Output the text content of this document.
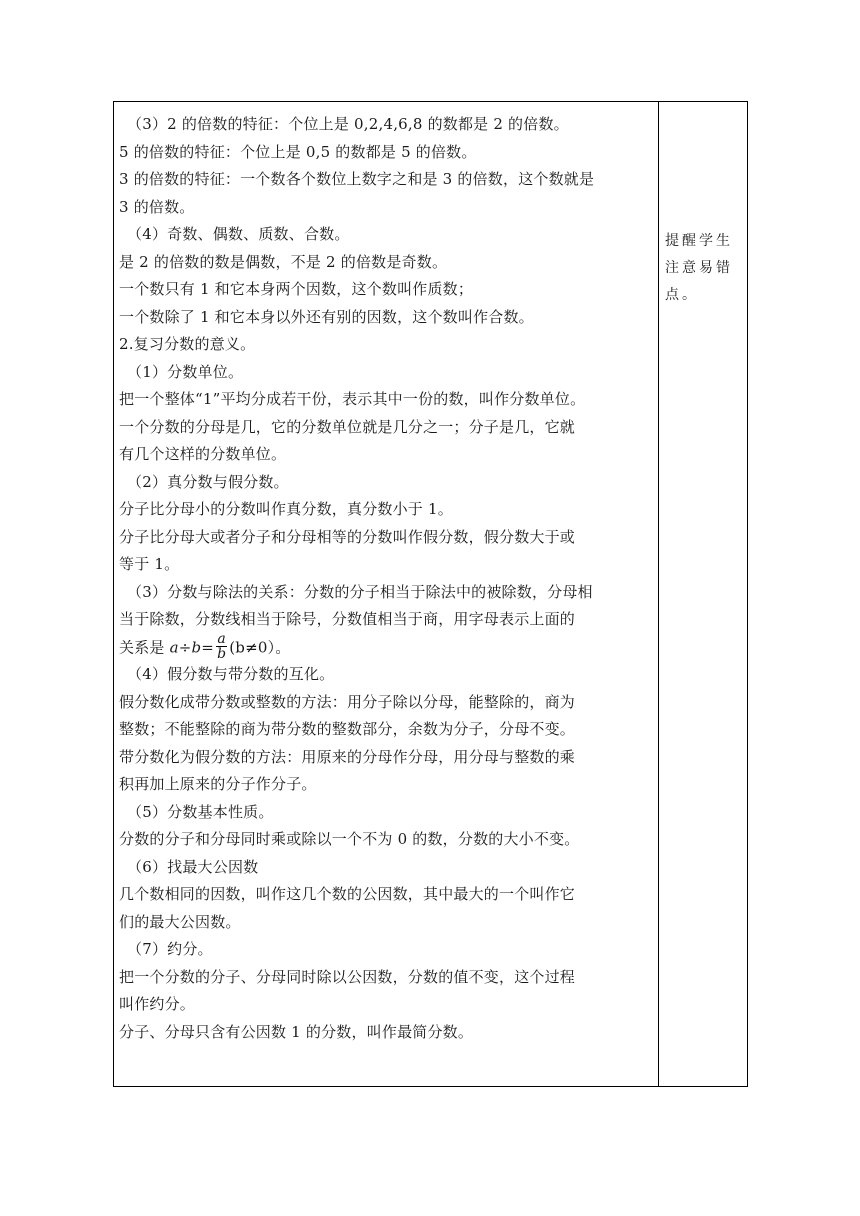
（3）2 的倍数的特征：个位上是 0,2,4,6,8 的数都是 2 的倍数。
5 的倍数的特征：个位上是 0,5 的数都是 5 的倍数。
3 的倍数的特征：一个数各个数位上数字之和是 3 的倍数，这个数就是
3 的倍数。
（4）奇数、偶数、质数、合数。
是 2 的倍数的数是偶数，不是 2 的倍数是奇数。
一个数只有 1 和它本身两个因数，这个数叫作质数；
一个数除了 1 和它本身以外还有别的因数，这个数叫作合数。
2.复习分数的意义。
（1）分数单位。
把一个整体“1”平均分成若干份，表示其中一份的数，叫作分数单位。
一个分数的分母是几，它的分数单位就是几分之一；分子是几，它就
有几个这样的分数单位。
（2）真分数与假分数。
分子比分母小的分数叫作真分数，真分数小于 1。
分子比分母大或者分子和分母相等的分数叫作假分数，假分数大于或
等于 1。
（3）分数与除法的关系：分数的分子相当于除法中的被除数，分母相
当于除数，分数线相当于除号，分数值相当于商，用字母表示上面的
关系是 $a\div b= \frac{a}{b} (b\ne 0)$。
（4）假分数与带分数的互化。
假分数化成带分数或整数的方法：用分子除以分母，能整除的，商为
整数；不能整除的商为带分数的整数部分，余数为分子，分母不变。
带分数化为假分数的方法：用原来的分母作分母，用分母与整数的乘
积再加上原来的分子作分子。
（5）分数基本性质。
分数的分子和分母同时乘或除以一个不为 0 的数，分数的大小不变。
（6）找最大公因数
几个数相同的因数，叫作这几个数的公因数，其中最大的一个叫作它
们的最大公因数。
（7）约分。
把一个分数的分子、分母同时除以公因数，分数的值不变，这个过程
叫作约分。
分子、分母只含有公因数 1 的分数，叫作最简分数。
提醒学生
注意易错
点。
